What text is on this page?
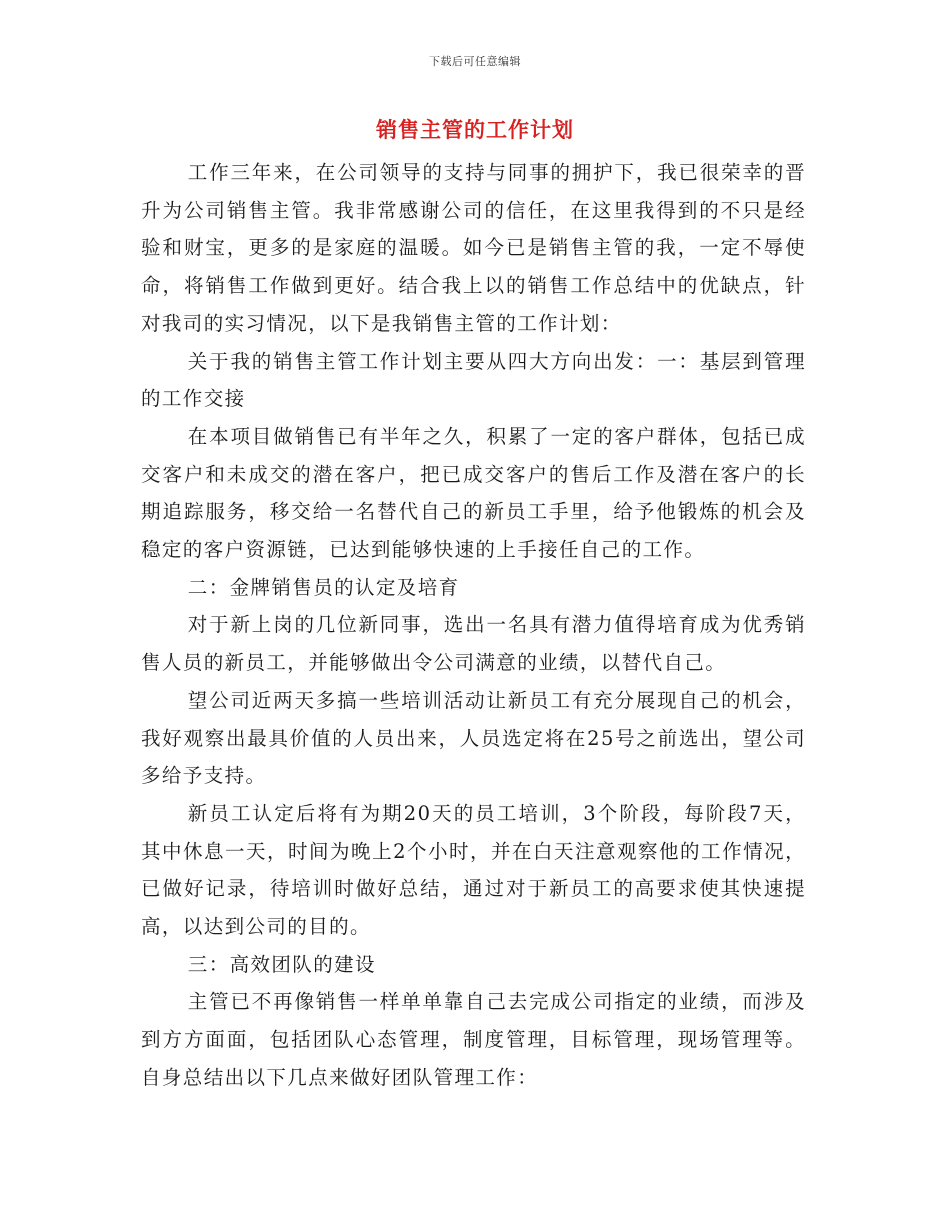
下载后可任意编辑
销售主管的工作计划

工作三年来，在公司领导的支持与同事的拥护下，我已很荣幸的晋升为公司销售主管。我非常感谢公司的信任，在这里我得到的不只是经验和财宝，更多的是家庭的温暖。如今已是销售主管的我，一定不辱使命，将销售工作做到更好。结合我上以的销售工作总结中的优缺点，针对我司的实习情况，以下是我销售主管的工作计划：

关于我的销售主管工作计划主要从四大方向出发：一：基层到管理的工作交接

在本项目做销售已有半年之久，积累了一定的客户群体，包括已成交客户和未成交的潜在客户，把已成交客户的售后工作及潜在客户的长期追踪服务，移交给一名替代自己的新员工手里，给予他锻炼的机会及稳定的客户资源链，已达到能够快速的上手接任自己的工作。

二：金牌销售员的认定及培育

对于新上岗的几位新同事，选出一名具有潜力值得培育成为优秀销售人员的新员工，并能够做出令公司满意的业绩，以替代自己。

望公司近两天多搞一些培训活动让新员工有充分展现自己的机会，我好观察出最具价值的人员出来，人员选定将在25号之前选出，望公司多给予支持。

新员工认定后将有为期20天的员工培训，3个阶段，每阶段7天，其中休息一天，时间为晚上2个小时，并在白天注意观察他的工作情况，已做好记录，待培训时做好总结，通过对于新员工的高要求使其快速提高，以达到公司的目的。

三：高效团队的建设

主管已不再像销售一样单单靠自己去完成公司指定的业绩，而涉及到方方面面，包括团队心态管理，制度管理，目标管理，现场管理等。自身总结出以下几点来做好团队管理工作：
